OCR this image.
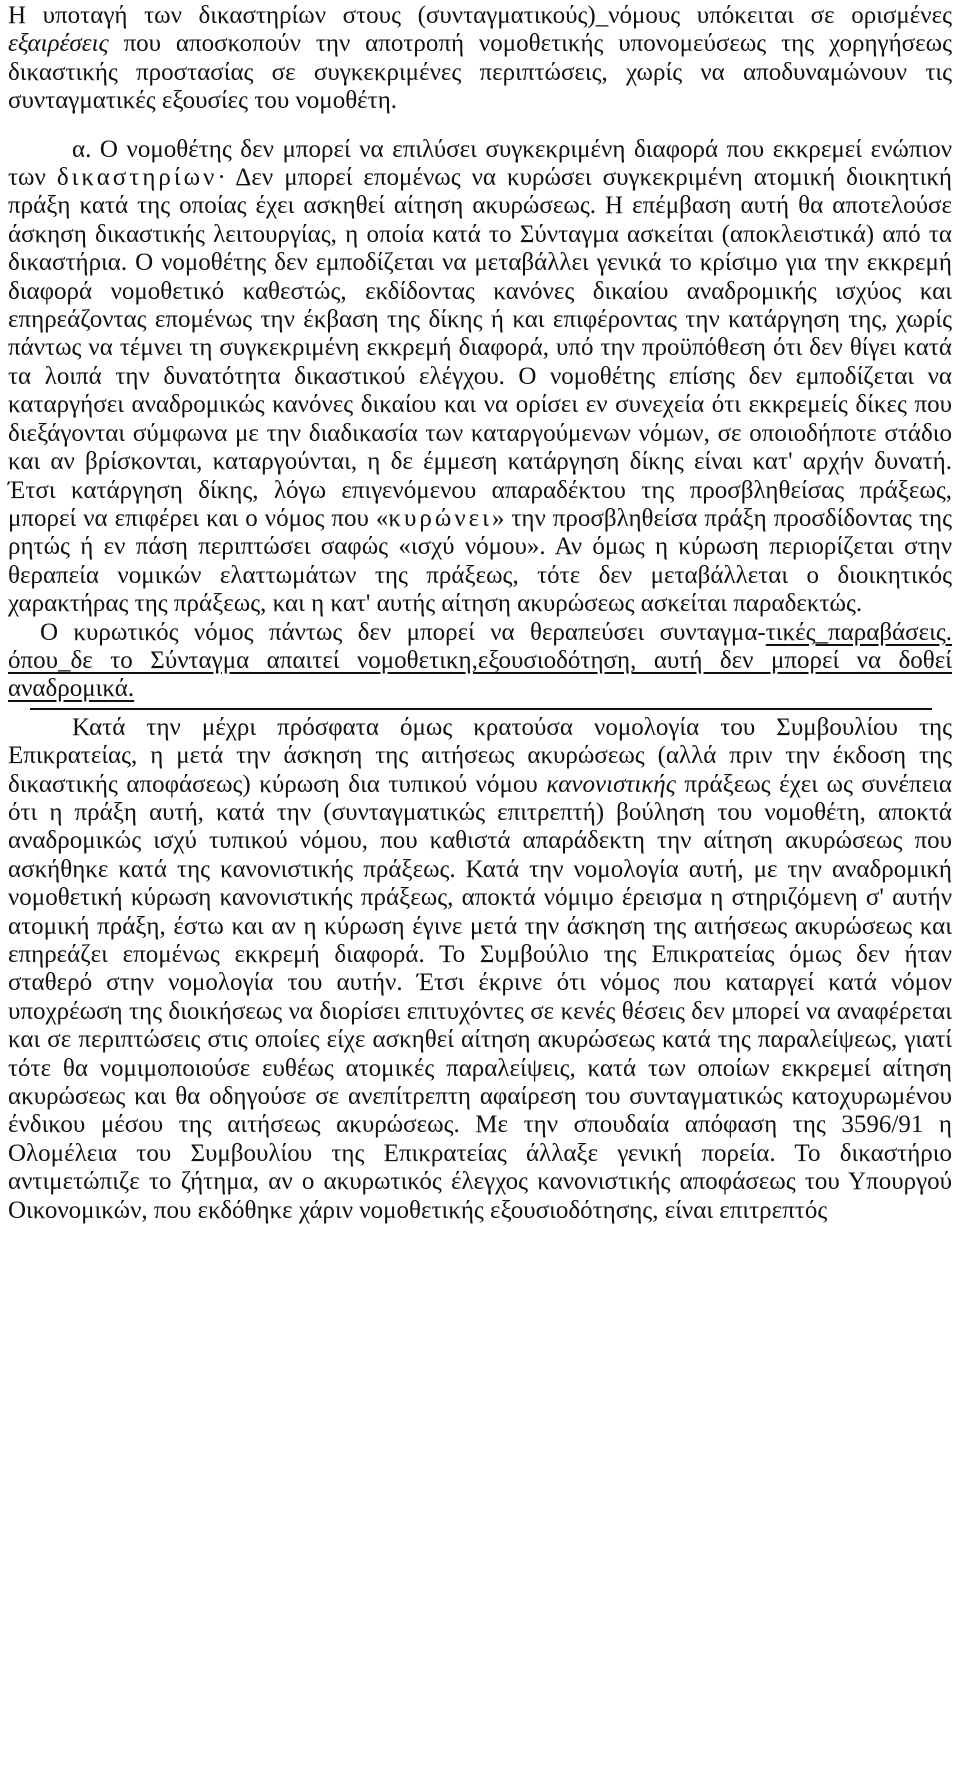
Η υποταγή των δικαστηρίων στους (συνταγματικούς)_νόμους υπόκειται σε ορισμένες εξαιρέσεις που αποσκοπούν την αποτροπή νομοθετικής υπονομεύσεως της χορηγήσεως δικαστικής προστασίας σε συγκεκριμένες περιπτώσεις, χωρίς να αποδυναμώνουν τις συνταγματικές εξουσίες του νομοθέτη.

α. Ο νομοθέτης δεν μπορεί να επιλύσει συγκεκριμένη διαφορά που εκκρεμεί ενώπιον των δικαστηρίων· Δεν μπορεί επομένως να κυρώσει συγκεκριμένη ατομική διοικητική πράξη κατά της οποίας έχει ασκηθεί αίτηση ακυρώσεως. Η επέμβαση αυτή θα αποτελούσε άσκηση δικαστικής λειτουργίας, η οποία κατά το Σύνταγμα ασκείται (αποκλειστικά) από τα δικαστήρια. Ο νομοθέτης δεν εμποδίζεται να μεταβάλλει γενικά το κρίσιμο για την εκκρεμή διαφορά νομοθετικό καθεστώς, εκδίδοντας κανόνες δικαίου αναδρομικής ισχύος και επηρεάζοντας επομένως την έκβαση της δίκης ή και επιφέροντας την κατάργηση της, χωρίς πάντως να τέμνει τη συγκεκριμένη εκκρεμή διαφορά, υπό την προϋπόθεση ότι δεν θίγει κατά τα λοιπά την δυνατότητα δικαστικού ελέγχου. Ο νομοθέτης επίσης δεν εμποδίζεται να καταργήσει αναδρομικώς κανόνες δικαίου και να ορίσει εν συνεχεία ότι εκκρεμείς δίκες που διεξάγονται σύμφωνα με την διαδικασία των καταργούμενων νόμων, σε οποιοδήποτε στάδιο και αν βρίσκονται, καταργούνται, η δε έμμεση κατάργηση δίκης είναι κατ' αρχήν δυνατή. Έτσι κατάργηση δίκης, λόγω επιγενόμενου απαραδέκτου της προσβληθείσας πράξεως, μπορεί να επιφέρει και ο νόμος που «κυρώνει» την προσβληθείσα πράξη προσδίδοντας της ρητώς ή εν πάση περιπτώσει σαφώς «ισχύ νόμου». Αν όμως η κύρωση περιορίζεται στην θεραπεία νομικών ελαττωμάτων της πράξεως, τότε δεν μεταβάλλεται ο διοικητικός χαρακτήρας της πράξεως, και η κατ' αυτής αίτηση ακυρώσεως ασκείται παραδεκτώς.

Ο κυρωτικός νόμος πάντως δεν μπορεί να θεραπεύσει συνταγμα-τικές_παραβάσεις. όπου_δε το Σύνταγμα απαιτεί νομοθετικη,εξουσιοδότηση, αυτή δεν μπορεί να δοθεί αναδρομικά.

Κατά την μέχρι πρόσφατα όμως κρατούσα νομολογία του Συμβουλίου της Επικρατείας, η μετά την άσκηση της αιτήσεως ακυρώσεως (αλλά πριν την έκδοση της δικαστικής αποφάσεως) κύρωση δια τυπικού νόμου κανονιστικής πράξεως έχει ως συνέπεια ότι η πράξη αυτή, κατά την (συνταγματικώς επιτρεπτή) βούληση του νομοθέτη, αποκτά αναδρομικώς ισχύ τυπικού νόμου, που καθιστά απαράδεκτη την αίτηση ακυρώσεως που ασκήθηκε κατά της κανονιστικής πράξεως. Κατά την νομολογία αυτή, με την αναδρομική νομοθετική κύρωση κανονιστικής πράξεως, αποκτά νόμιμο έρεισμα η στηριζόμενη σ' αυτήν ατομική πράξη, έστω και αν η κύρωση έγινε μετά την άσκηση της αιτήσεως ακυρώσεως και επηρεάζει επομένως εκκρεμή διαφορά. Το Συμβούλιο της Επικρατείας όμως δεν ήταν σταθερό στην νομολογία του αυτήν. Έτσι έκρινε ότι νόμος που καταργεί κατά νόμον υποχρέωση της διοικήσεως να διορίσει επιτυχόντες σε κενές θέσεις δεν μπορεί να αναφέρεται και σε περιπτώσεις στις οποίες είχε ασκηθεί αίτηση ακυρώσεως κατά της παραλείψεως, γιατί τότε θα νομιμοποιούσε ευθέως ατομικές παραλείψεις, κατά των οποίων εκκρεμεί αίτηση ακυρώσεως και θα οδηγούσε σε ανεπίτρεπτη αφαίρεση του συνταγματικώς κατοχυρωμένου ένδικου μέσου της αιτήσεως ακυρώσεως. Με την σπουδαία απόφαση της 3596/91 η Ολομέλεια του Συμβουλίου της Επικρατείας άλλαξε γενική πορεία. Το δικαστήριο αντιμετώπιζε το ζήτημα, αν ο ακυρωτικός έλεγχος κανονιστικής αποφάσεως του Υπουργού Οικονομικών, που εκδόθηκε χάριν νομοθετικής εξουσιοδότησης, είναι επιτρεπτός
